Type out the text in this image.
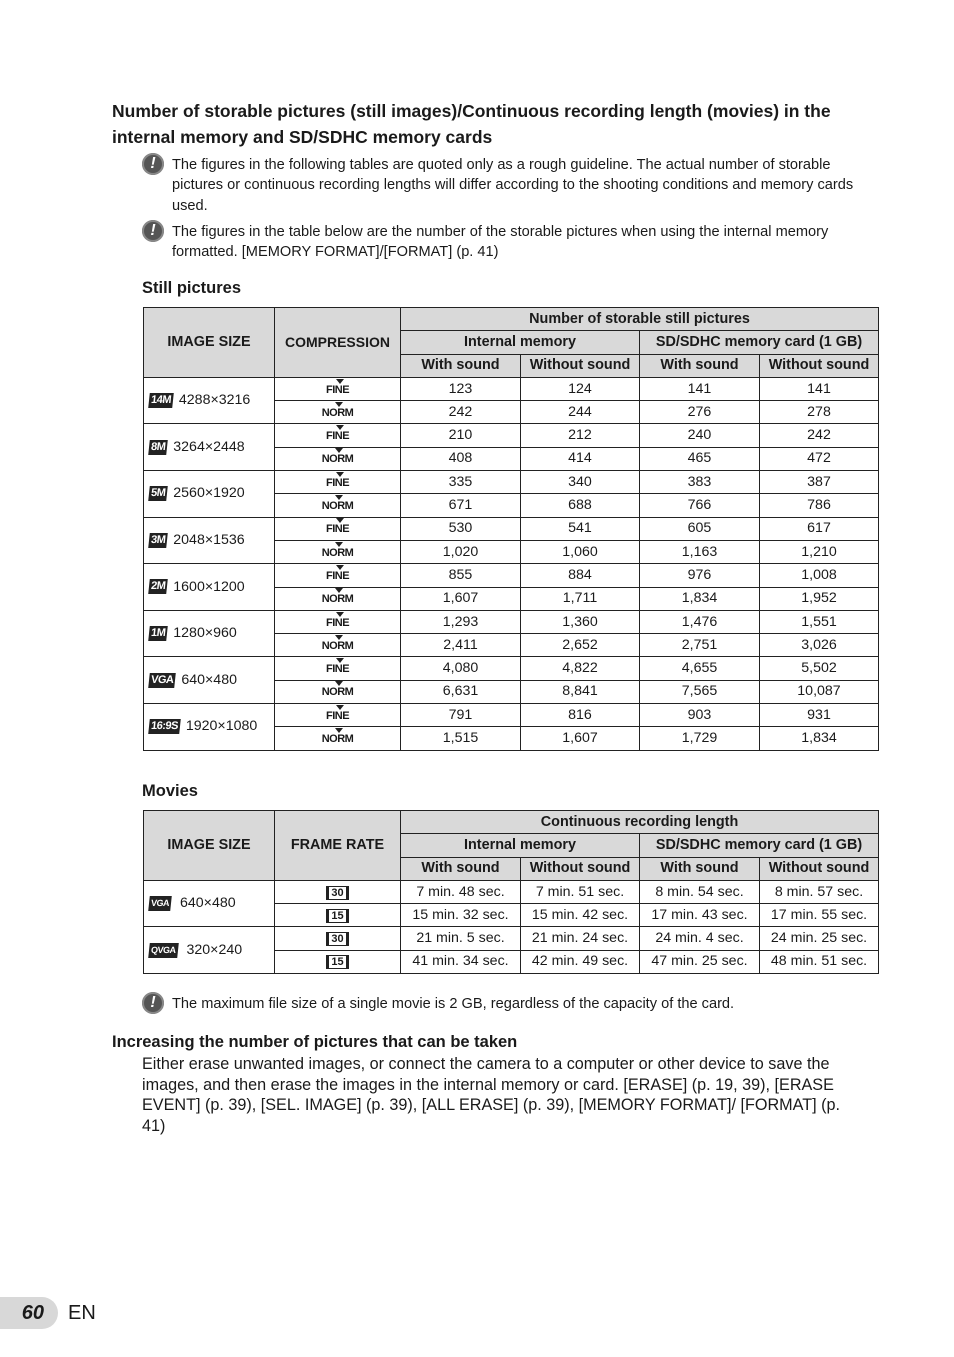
Number of storable pictures (still images)/Continuous recording length (movies) in the internal memory and SD/SDHC memory cards
!	The figures in the following tables are quoted only as a rough guideline. The actual number of storable pictures or continuous recording lengths will differ according to the shooting conditions and memory cards used.
!	The figures in the table below are the number of the storable pictures when using the internal memory formatted. [MEMORY FORMAT]/[FORMAT] (p. 41)
Still pictures
IMAGE SIZE	COMPRESSION	Number of storable still pictures			
		Internal memory		SD/SDHC memory card (1 GB)	
		With sound	Without sound	With sound	Without sound
14M 4288×3216	FINE	123	124	141	141
	NORM	242	244	276	278
8M 3264×2448	FINE	210	212	240	242
	NORM	408	414	465	472
5M 2560×1920	FINE	335	340	383	387
	NORM	671	688	766	786
3M 2048×1536	FINE	530	541	605	617
	NORM	1,020	1,060	1,163	1,210
2M 1600×1200	FINE	855	884	976	1,008
	NORM	1,607	1,711	1,834	1,952
1M 1280×960	FINE	1,293	1,360	1,476	1,551
	NORM	2,411	2,652	2,751	3,026
VGA 640×480	FINE	4,080	4,822	4,655	5,502
	NORM	6,631	8,841	7,565	10,087
16:9S 1920×1080	FINE	791	816	903	931
	NORM	1,515	1,607	1,729	1,834
Movies
IMAGE SIZE	FRAME RATE	Continuous recording length			
		Internal memory		SD/SDHC memory card (1 GB)	
		With sound	Without sound	With sound	Without sound
VGA 640×480	30	7 min. 48 sec.	7 min. 51 sec.	8 min. 54 sec.	8 min. 57 sec.
	15	15 min. 32 sec.	15 min. 42 sec.	17 min. 43 sec.	17 min. 55 sec.
QVGA 320×240	30	21 min. 5 sec.	21 min. 24 sec.	24 min. 4 sec.	24 min. 25 sec.
	15	41 min. 34 sec.	42 min. 49 sec.	47 min. 25 sec.	48 min. 51 sec.
!	The maximum file size of a single movie is 2 GB, regardless of the capacity of the card.
Increasing the number of pictures that can be taken

Either erase unwanted images, or connect the camera to a computer or other device to save the images, and then erase the images in the internal memory or card. [ERASE] (p. 19, 39), [ERASE EVENT] (p. 39), [SEL. IMAGE] (p. 39), [ALL ERASE] (p. 39), [MEMORY FORMAT]/ [FORMAT] (p. 41)

60	EN
